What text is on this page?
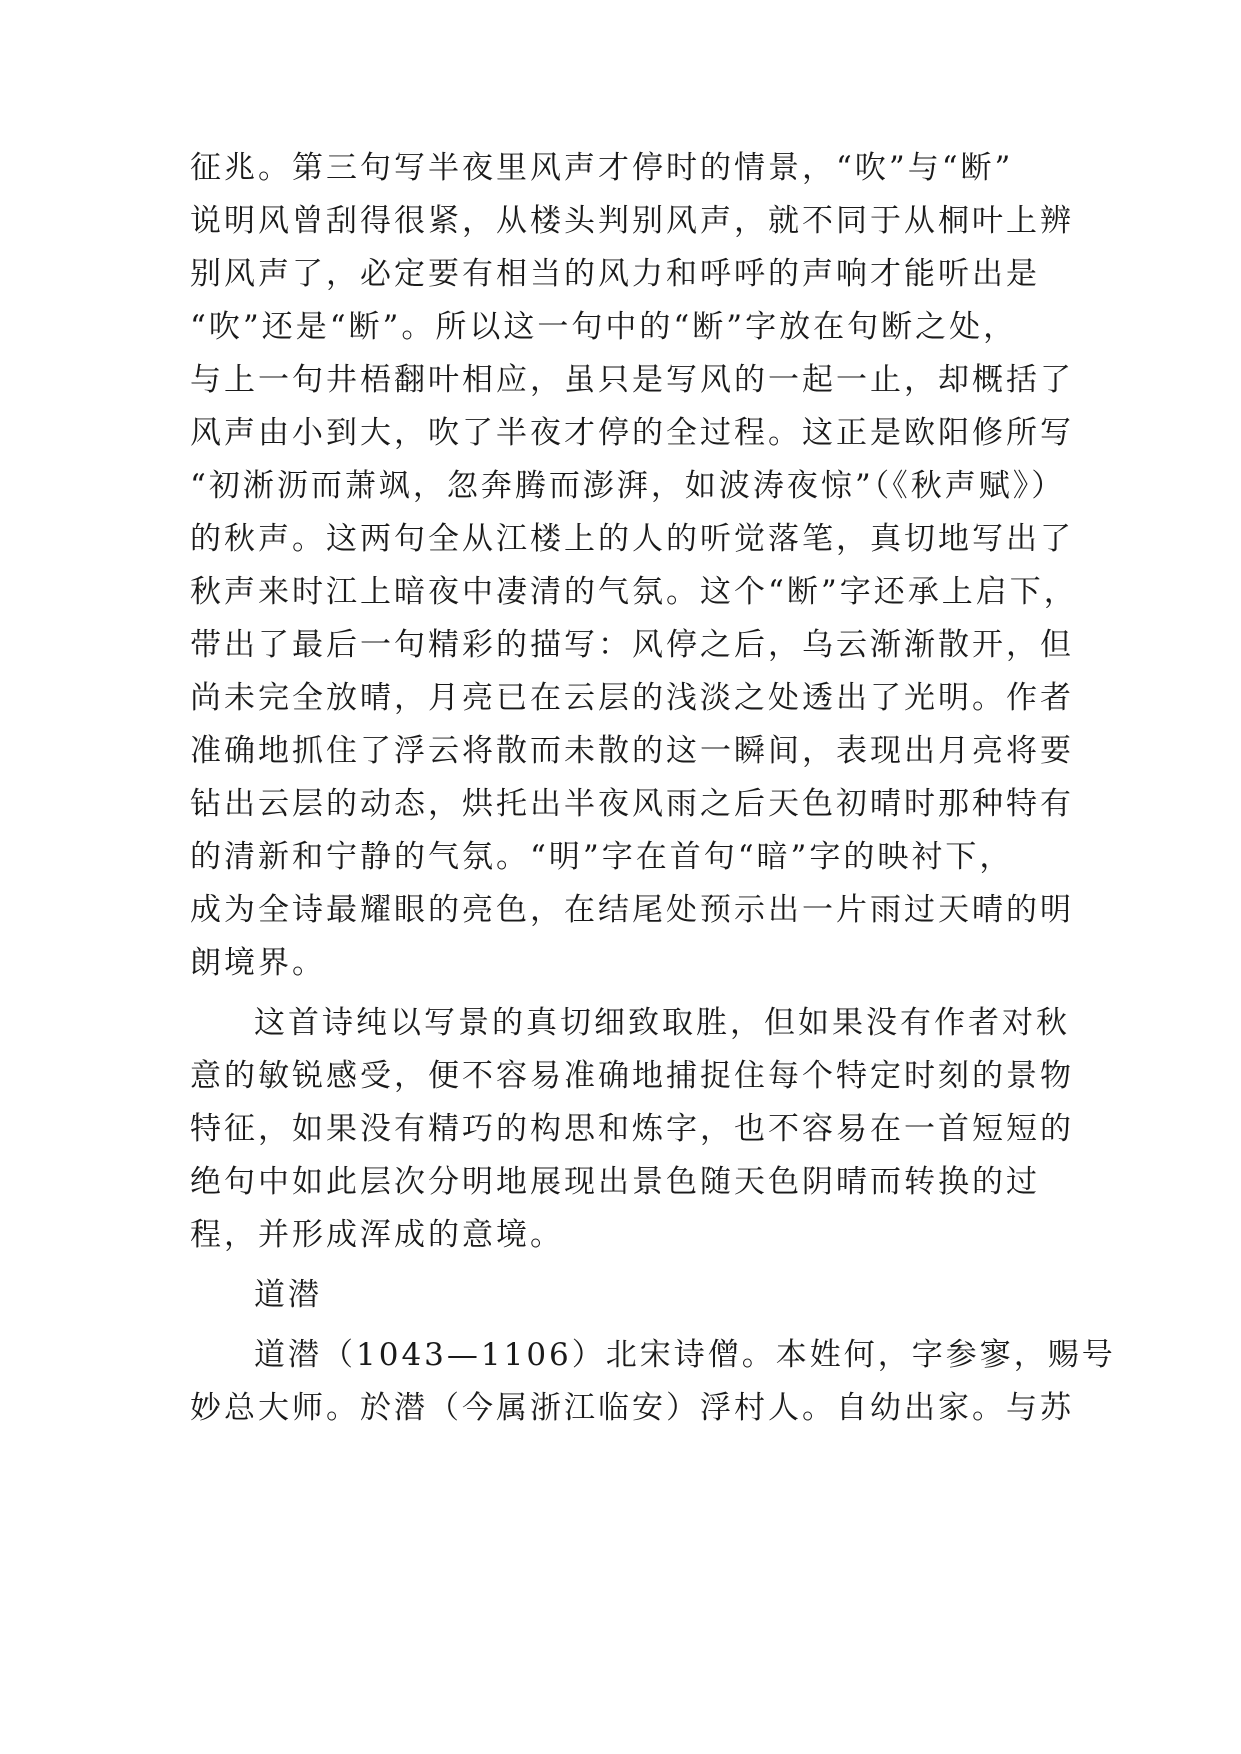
征兆。第三句写半夜里风声才停时的情景，“吹”与“断”
说明风曾刮得很紧，从楼头判别风声，就不同于从桐叶上辨
别风声了，必定要有相当的风力和呼呼的声响才能听出是
“吹”还是“断”。所以这一句中的“断”字放在句断之处，
与上一句井梧翻叶相应，虽只是写风的一起一止，却概括了
风声由小到大，吹了半夜才停的全过程。这正是欧阳修所写
“初淅沥而萧飒，忽奔腾而澎湃，如波涛夜惊”（《秋声赋》）
的秋声。这两句全从江楼上的人的听觉落笔，真切地写出了
秋声来时江上暗夜中凄清的气氛。这个“断”字还承上启下，
带出了最后一句精彩的描写：风停之后，乌云渐渐散开，但
尚未完全放晴，月亮已在云层的浅淡之处透出了光明。作者
准确地抓住了浮云将散而未散的这一瞬间，表现出月亮将要
钻出云层的动态，烘托出半夜风雨之后天色初晴时那种特有
的清新和宁静的气氛。“明”字在首句“暗”字的映衬下，
成为全诗最耀眼的亮色，在结尾处预示出一片雨过天晴的明
朗境界。
这首诗纯以写景的真切细致取胜，但如果没有作者对秋
意的敏锐感受，便不容易准确地捕捉住每个特定时刻的景物
特征，如果没有精巧的构思和炼字，也不容易在一首短短的
绝句中如此层次分明地展现出景色随天色阴晴而转换的过
程，并形成浑成的意境。
道潜
道潜（1043—1106）北宋诗僧。本姓何，字参寥，赐号
妙总大师。於潜（今属浙江临安）浮村人。自幼出家。与苏
